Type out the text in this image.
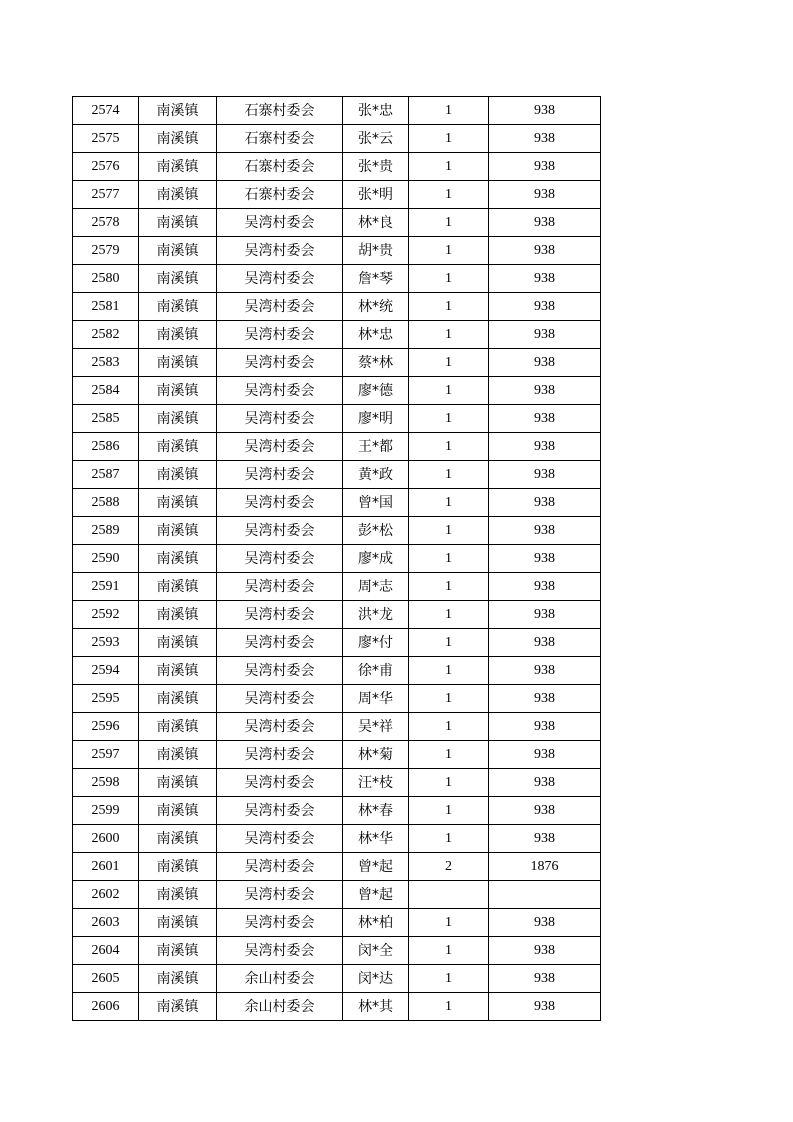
2574	南溪镇	石寨村委会	张*忠	1	938
2575	南溪镇	石寨村委会	张*云	1	938
2576	南溪镇	石寨村委会	张*贵	1	938
2577	南溪镇	石寨村委会	张*明	1	938
2578	南溪镇	吴湾村委会	林*良	1	938
2579	南溪镇	吴湾村委会	胡*贵	1	938
2580	南溪镇	吴湾村委会	詹*琴	1	938
2581	南溪镇	吴湾村委会	林*统	1	938
2582	南溪镇	吴湾村委会	林*忠	1	938
2583	南溪镇	吴湾村委会	蔡*林	1	938
2584	南溪镇	吴湾村委会	廖*德	1	938
2585	南溪镇	吴湾村委会	廖*明	1	938
2586	南溪镇	吴湾村委会	王*都	1	938
2587	南溪镇	吴湾村委会	黄*政	1	938
2588	南溪镇	吴湾村委会	曾*国	1	938
2589	南溪镇	吴湾村委会	彭*松	1	938
2590	南溪镇	吴湾村委会	廖*成	1	938
2591	南溪镇	吴湾村委会	周*志	1	938
2592	南溪镇	吴湾村委会	洪*龙	1	938
2593	南溪镇	吴湾村委会	廖*付	1	938
2594	南溪镇	吴湾村委会	徐*甫	1	938
2595	南溪镇	吴湾村委会	周*华	1	938
2596	南溪镇	吴湾村委会	吴*祥	1	938
2597	南溪镇	吴湾村委会	林*菊	1	938
2598	南溪镇	吴湾村委会	汪*枝	1	938
2599	南溪镇	吴湾村委会	林*春	1	938
2600	南溪镇	吴湾村委会	林*华	1	938
2601	南溪镇	吴湾村委会	曾*起	2	1876
2602	南溪镇	吴湾村委会	曾*起		
2603	南溪镇	吴湾村委会	林*柏	1	938
2604	南溪镇	吴湾村委会	闵*全	1	938
2605	南溪镇	余山村委会	闵*达	1	938
2606	南溪镇	余山村委会	林*其	1	938
